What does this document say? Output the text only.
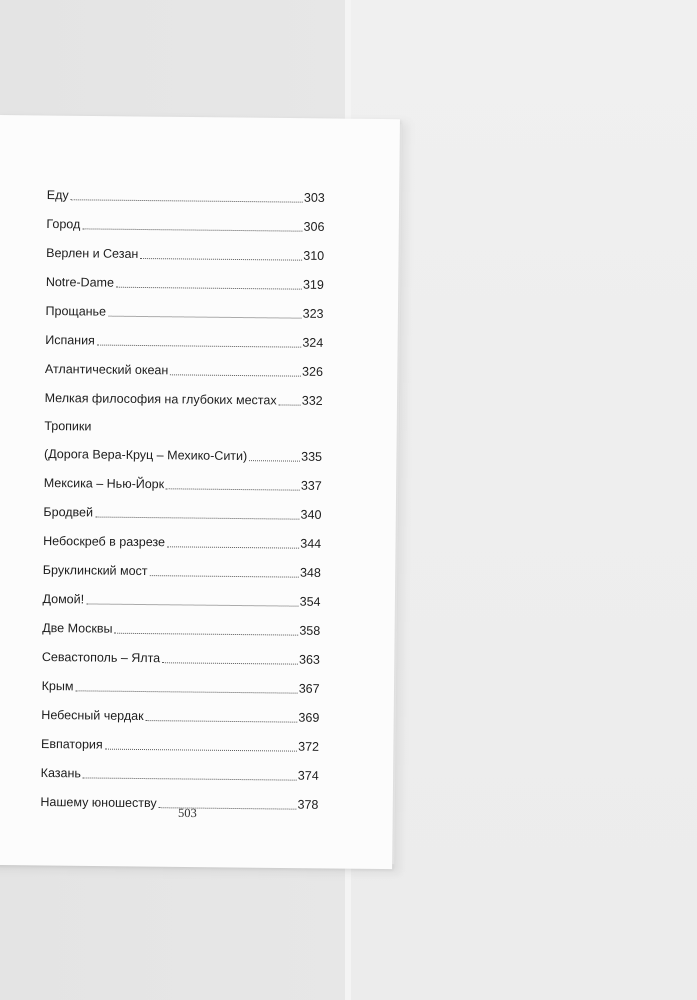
Еду	303
Город	306
Верлен и Сезан	310
Notre-Dame	319
Прощанье	323
Испания	324
Атлантический океан	326
Мелкая философия на глубоких местах 332
Тропики
(Дорога Вера-Круц – Мехико-Сити)	335
Мексика – Нью-Йорк	337
Бродвей	340
Небоскреб в разрезе	344
Бруклинский мост	348
Домой!	354
Две Москвы	358
Севастополь – Ялта	363
Крым	367
Небесный чердак	369
Евпатория	372
Казань	374
Нашему юношеству	378
503
